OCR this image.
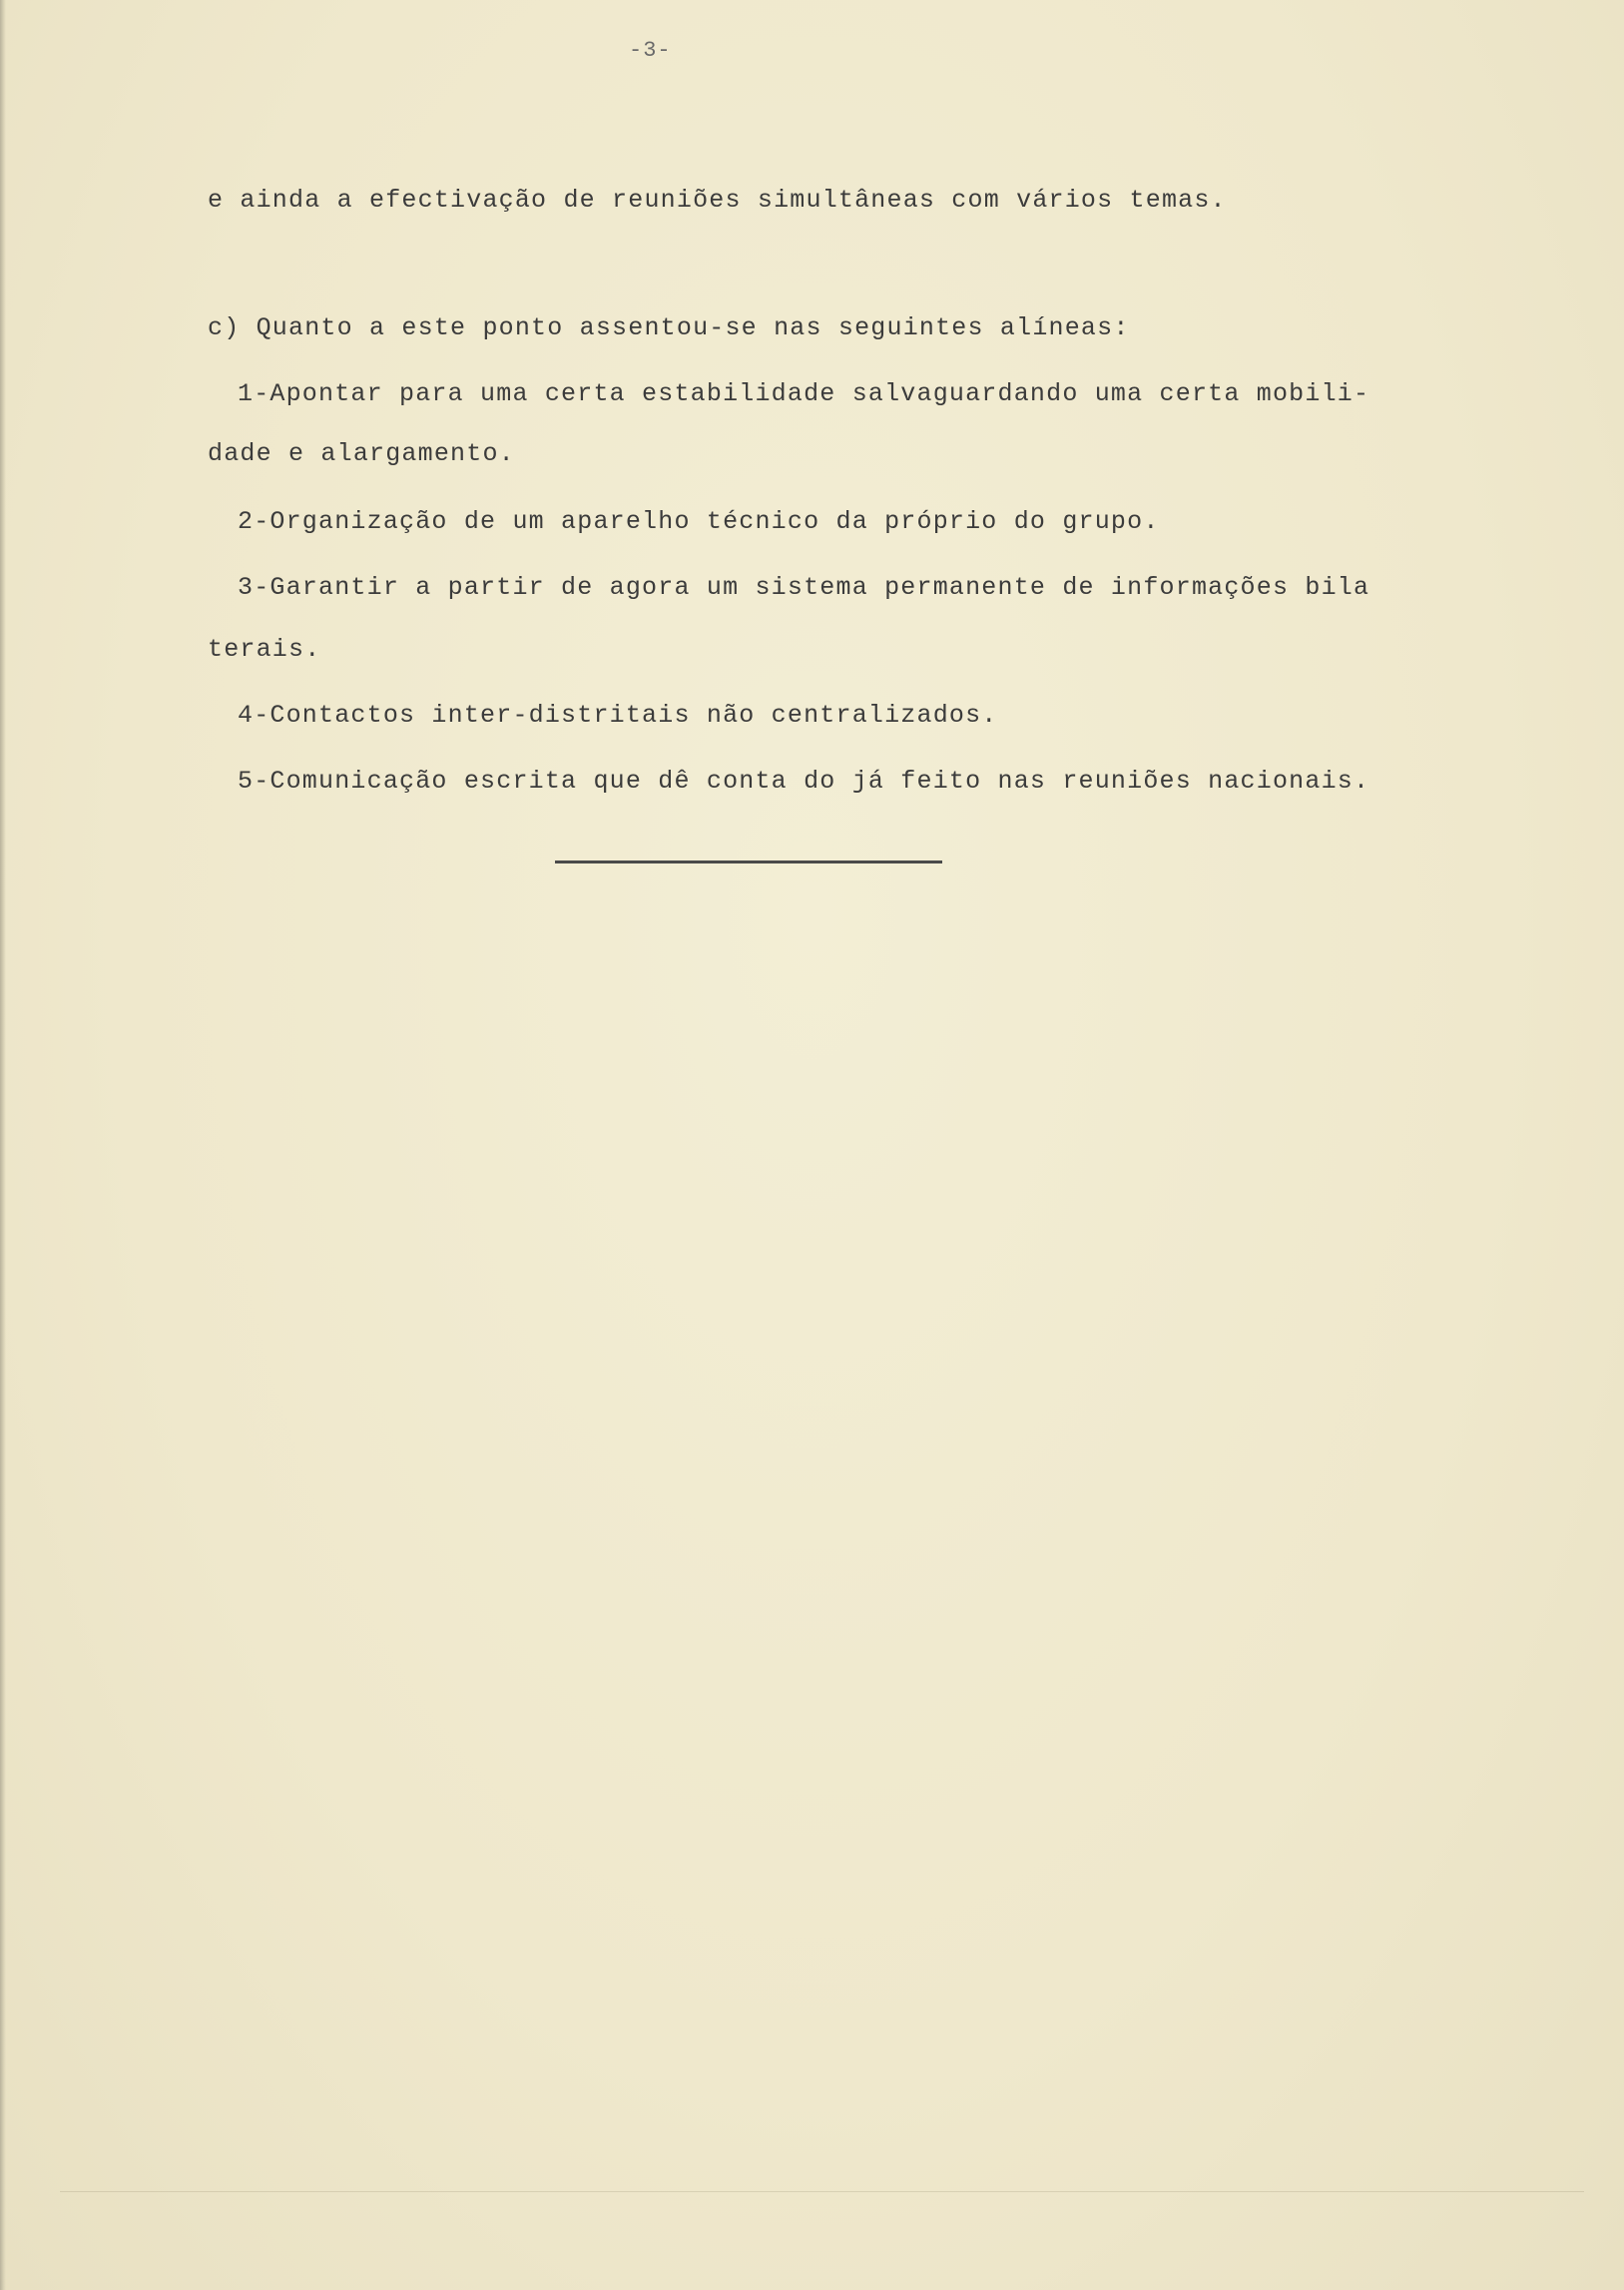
-3-
e ainda a efectivação de reuniões simultâneas com vários temas.
c) Quanto a este ponto assentou-se nas seguintes alíneas:
1-Apontar para uma certa estabilidade salvaguardando uma certa mobili-
dade e alargamento.
2-Organização de um aparelho técnico da próprio do grupo.
3-Garantir a partir de agora um sistema permanente de informações bila
terais.
4-Contactos inter-distritais não centralizados.
5-Comunicação escrita que dê conta do já feito nas reuniões nacionais.
